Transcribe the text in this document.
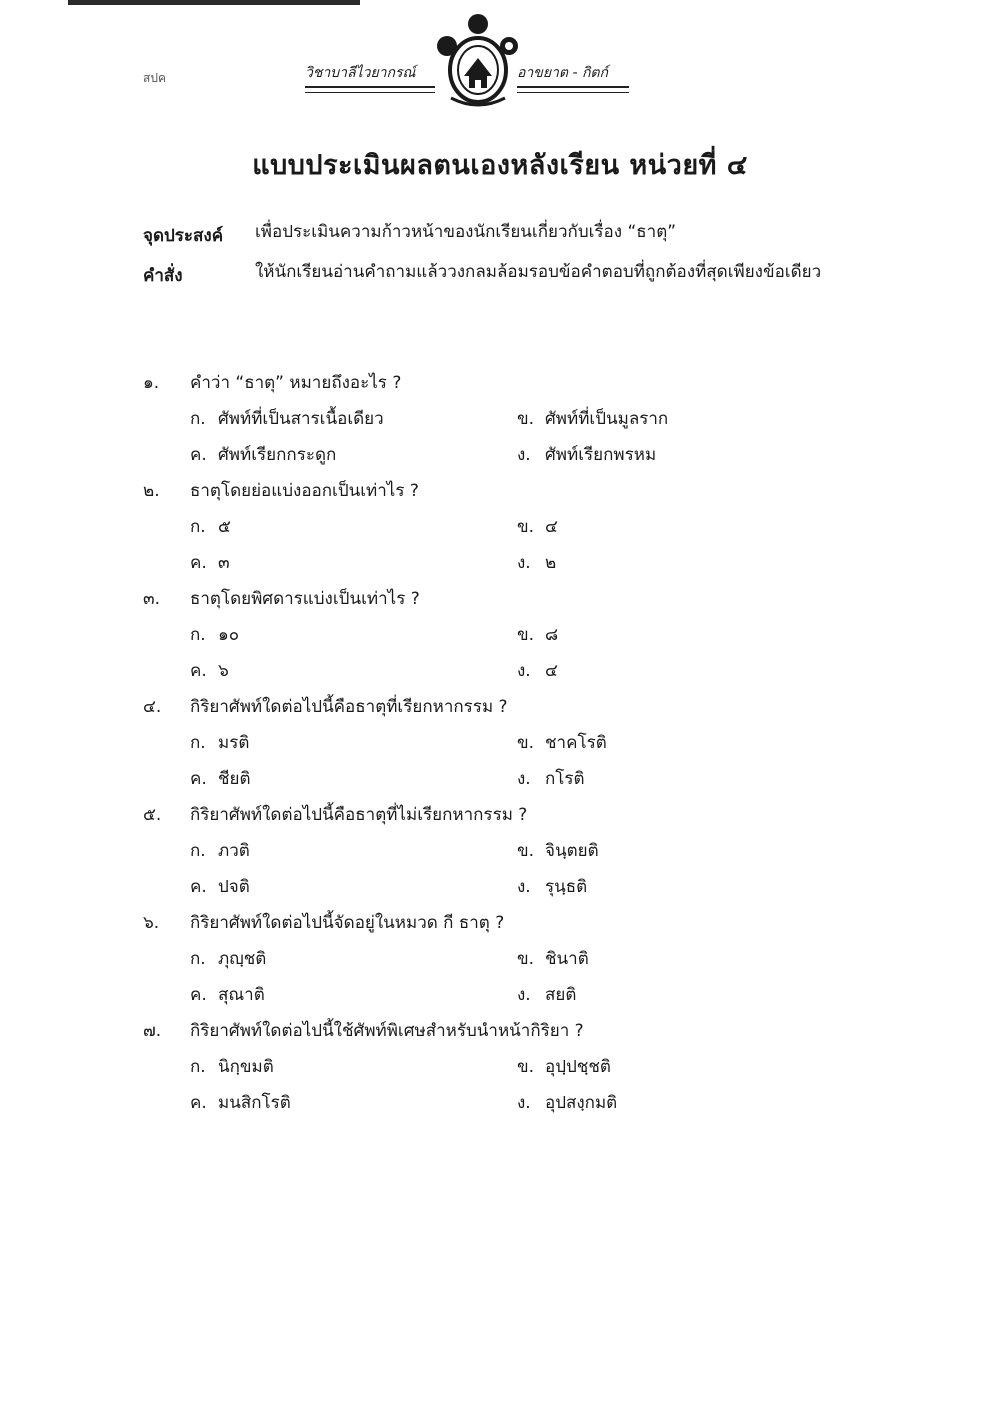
สปค	วิชาบาลีไวยากรณ์	อาขยาต - กิตก์
แบบประเมินผลตนเองหลังเรียน หน่วยที่ ๔
จุดประสงค์ เพื่อประเมินความก้าวหน้าของนักเรียนเกี่ยวกับเรื่อง “ธาตุ”
คำสั่ง	ให้นักเรียนอ่านคำถามแล้ววงกลมล้อมรอบข้อคำตอบที่ถูกต้องที่สุดเพียงข้อเดียว
๑.	คำว่า “ธาตุ” หมายถึงอะไร ?
ก. ศัพท์ที่เป็นสารเนื้อเดียว	ข. ศัพท์ที่เป็นมูลราก
ค. ศัพท์เรียกกระดูก	ง. ศัพท์เรียกพรหม
๒.	ธาตุโดยย่อแบ่งออกเป็นเท่าไร ?
ก. ๕	ข. ๔
ค. ๓	ง. ๒
๓.	ธาตุโดยพิศดารแบ่งเป็นเท่าไร ?
ก. ๑๐	ข. ๘
ค. ๖	ง. ๔
๔.	กิริยาศัพท์ใดต่อไปนี้คือธาตุที่เรียกหากรรม ?
ก. มรติ	ข. ชาคโรติ
ค. ชียติ	ง. กโรติ
๕.	กิริยาศัพท์ใดต่อไปนี้คือธาตุที่ไม่เรียกหากรรม ?
ก. ภวติ	ข. จินฺตยติ
ค. ปจติ	ง. รุนฺธติ
๖.	กิริยาศัพท์ใดต่อไปนี้จัดอยู่ในหมวด กี ธาตุ ?
ก. ภุญฺชติ	ข. ชินาติ
ค. สุณาติ	ง. สยติ
๗.	กิริยาศัพท์ใดต่อไปนี้ใช้ศัพท์พิเศษสำหรับนำหน้ากิริยา ?
ก. นิกฺขมติ	ข. อุปฺปชฺชติ
ค. มนสิกโรติ	ง. อุปสงฺกมติ
